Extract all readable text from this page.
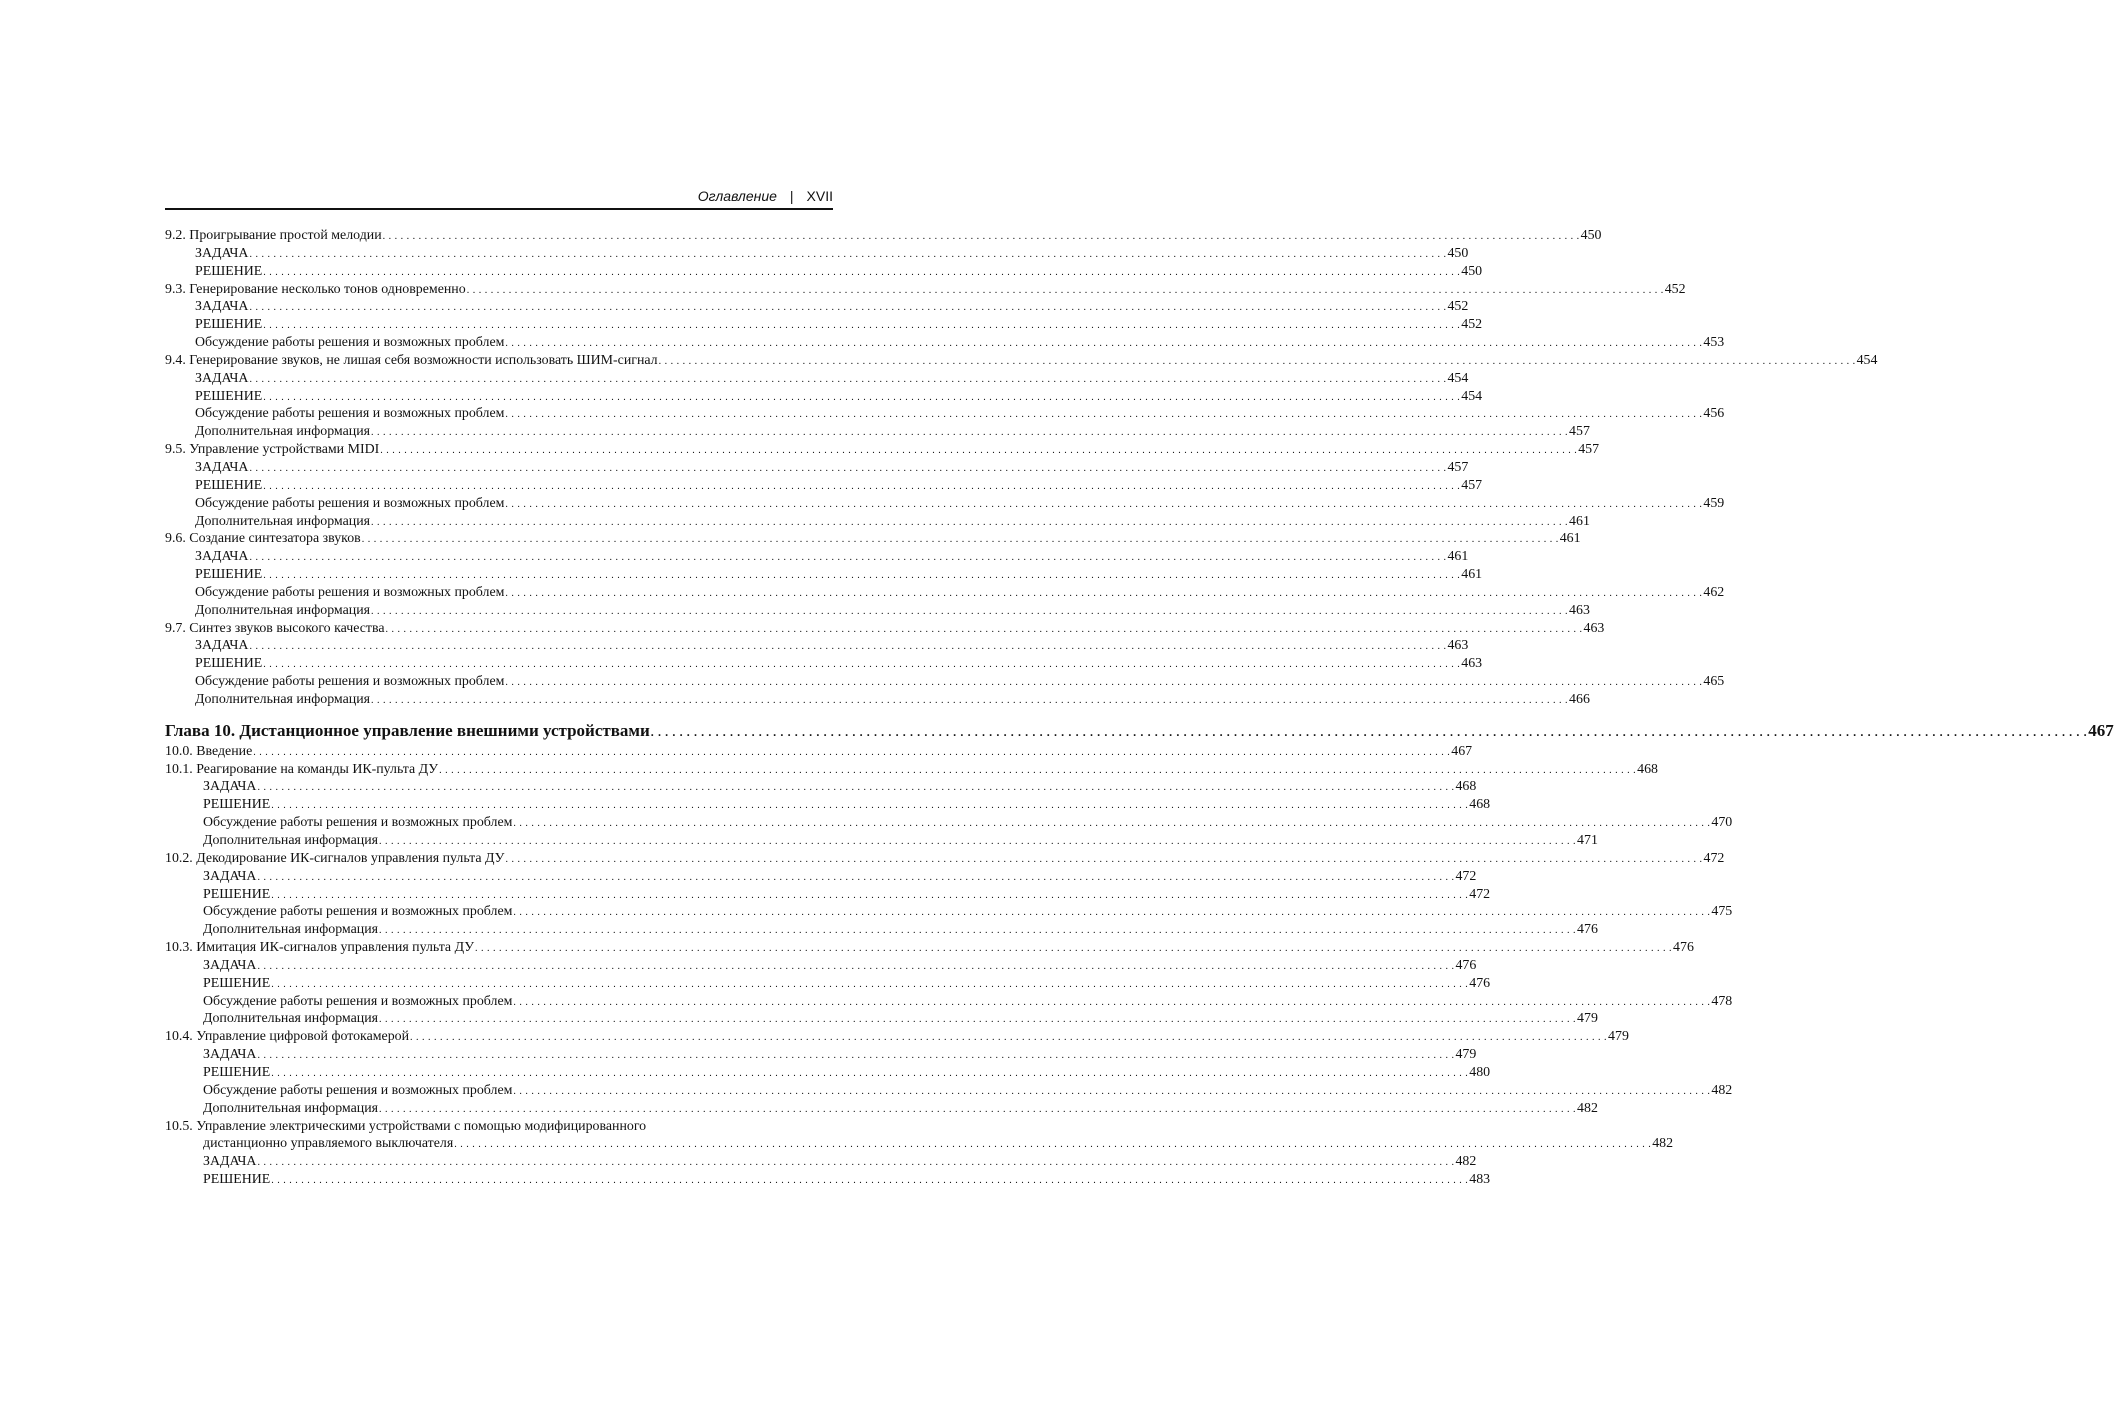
Оглавление | XVII
9.2. Проигрывание простой мелодии . . . . . . . . . . . . . . . . . . . . . . . . . . . . . . . . . . . . . . . . . . . . . . . . . . . . . . . . . . . . . . . . . . . . . . . . . . . . . . . . . . . . . . . . . . . . . . . . . . . . . . . . . . . . . . . . . . . . . . . . . . . . . . . . . . . . . . . . . . . . . . . . . . . . . . . . . . . . . . . . . . . . . . . . . . . . . . . . . . . . . . . . . . . . . . . . . . . . . . . . 450
ЗАДАЧА . . . . . . . . . . . . . . . . . . . . . . . . . . . . . . . . . . . . . . . . . . . . . . . . . . . . . . . . . . . . . . . . . . . . . . . . . . . . . . . . . . . . . . . . . . . . . . . . . . . . . . . . . . . . . . . . . . . . . . . . . . . . . . . . . . . . . . . . . . . . . . . . . . . . . . . . . . . . . . . . . . . . . . . . . . . . . . . . . . . . . . . . . . . . . . . . . . . . . . . . 450
РЕШЕНИЕ . . . . . . . . . . . . . . . . . . . . . . . . . . . . . . . . . . . . . . . . . . . . . . . . . . . . . . . . . . . . . . . . . . . . . . . . . . . . . . . . . . . . . . . . . . . . . . . . . . . . . . . . . . . . . . . . . . . . . . . . . . . . . . . . . . . . . . . . . . . . . . . . . . . . . . . . . . . . . . . . . . . . . . . . . . . . . . . . . . . . . . . . . . . . . . . . . . . . . . . . 450
9.3. Генерирование несколько тонов одновременно . . . . . . . . . . . . . . . . . . . . . . . . . . . . . . . . . . . . . . . . . . . . . . . . . . . . . . . . . . . . . . . . . . . . . . . . . . . . . . . . . . . . . . . . . . . . . . . . . . . . . . . . . . . . . . . . . . . . . . . . . . . . . . . . . . . . . . . . . . . . . . . . . . . . . . . . . . . . . . . . . . . . . . . . . . . . . . . . . . . . . . . . . . . . . . . . . . . . . . . . 452
ЗАДАЧА . . . . . . . . . . . . . . . . . . . . . . . . . . . . . . . . . . . . . . . . . . . . . . . . . . . . . . . . . . . . . . . . . . . . . . . . . . . . . . . . . . . . . . . . . . . . . . . . . . . . . . . . . . . . . . . . . . . . . . . . . . . . . . . . . . . . . . . . . . . . . . . . . . . . . . . . . . . . . . . . . . . . . . . . . . . . . . . . . . . . . . . . . . . . . . . . . . . . . . . . 452
РЕШЕНИЕ . . . . . . . . . . . . . . . . . . . . . . . . . . . . . . . . . . . . . . . . . . . . . . . . . . . . . . . . . . . . . . . . . . . . . . . . . . . . . . . . . . . . . . . . . . . . . . . . . . . . . . . . . . . . . . . . . . . . . . . . . . . . . . . . . . . . . . . . . . . . . . . . . . . . . . . . . . . . . . . . . . . . . . . . . . . . . . . . . . . . . . . . . . . . . . . . . . . . . . . . 452
Обсуждение работы решения и возможных проблем . . . . . . . . . . . . . . . . . . . . . . . . . . . . . . . . . . . . . . . . . . . . . . . . . . . . . . . . . . . . . . . . . . . . . . . . . . . . . . . . . . . . . . . . . . . . . . . . . . . . . . . . . . . . . . . . . . . . . . . . . . . . . . . . . . . . . . . . . . . . . . . . . . . . . . . . . . . . . . . . . . . . . . . . . . . . . . . . . . . . . . . . . . . . . . . . . . . . . . . . 453
9.4. Генерирование звуков, не лишая себя возможности использовать ШИМ-сигнал . . . . . . . . . . . . . . . . . . . . . . . . . . . . . . . . . . . . . . . . . . . . . . . . . . . . . . . . . . . . . . . . . . . . . . . . . . . . . . . . . . . . . . . . . . . . . . . . . . . . . . . . . . . . . . . . . . . . . . . . . . . . . . . . . . . . . . . . . . . . . . . . . . . . . . . . . . . . . . . . . . . . . . . . . . . . . . . . . . . . . . . . . . . . . . . . . . . . . . . . 454
ЗАДАЧА . . . . . . . . . . . . . . . . . . . . . . . . . . . . . . . . . . . . . . . . . . . . . . . . . . . . . . . . . . . . . . . . . . . . . . . . . . . . . . . . . . . . . . . . . . . . . . . . . . . . . . . . . . . . . . . . . . . . . . . . . . . . . . . . . . . . . . . . . . . . . . . . . . . . . . . . . . . . . . . . . . . . . . . . . . . . . . . . . . . . . . . . . . . . . . . . . . . . . . . . 454
РЕШЕНИЕ . . . . . . . . . . . . . . . . . . . . . . . . . . . . . . . . . . . . . . . . . . . . . . . . . . . . . . . . . . . . . . . . . . . . . . . . . . . . . . . . . . . . . . . . . . . . . . . . . . . . . . . . . . . . . . . . . . . . . . . . . . . . . . . . . . . . . . . . . . . . . . . . . . . . . . . . . . . . . . . . . . . . . . . . . . . . . . . . . . . . . . . . . . . . . . . . . . . . . . . . 454
Обсуждение работы решения и возможных проблем . . . . . . . . . . . . . . . . . . . . . . . . . . . . . . . . . . . . . . . . . . . . . . . . . . . . . . . . . . . . . . . . . . . . . . . . . . . . . . . . . . . . . . . . . . . . . . . . . . . . . . . . . . . . . . . . . . . . . . . . . . . . . . . . . . . . . . . . . . . . . . . . . . . . . . . . . . . . . . . . . . . . . . . . . . . . . . . . . . . . . . . . . . . . . . . . . . . . . . . . 456
Дополнительная информация . . . . . . . . . . . . . . . . . . . . . . . . . . . . . . . . . . . . . . . . . . . . . . . . . . . . . . . . . . . . . . . . . . . . . . . . . . . . . . . . . . . . . . . . . . . . . . . . . . . . . . . . . . . . . . . . . . . . . . . . . . . . . . . . . . . . . . . . . . . . . . . . . . . . . . . . . . . . . . . . . . . . . . . . . . . . . . . . . . . . . . . . . . . . . . . . . . . . . . . . 457
9.5. Управление устройствами MIDI . . . . . . . . . . . . . . . . . . . . . . . . . . . . . . . . . . . . . . . . . . . . . . . . . . . . . . . . . . . . . . . . . . . . . . . . . . . . . . . . . . . . . . . . . . . . . . . . . . . . . . . . . . . . . . . . . . . . . . . . . . . . . . . . . . . . . . . . . . . . . . . . . . . . . . . . . . . . . . . . . . . . . . . . . . . . . . . . . . . . . . . . . . . . . . . . . . . . . . . . 457
ЗАДАЧА . . . . . . . . . . . . . . . . . . . . . . . . . . . . . . . . . . . . . . . . . . . . . . . . . . . . . . . . . . . . . . . . . . . . . . . . . . . . . . . . . . . . . . . . . . . . . . . . . . . . . . . . . . . . . . . . . . . . . . . . . . . . . . . . . . . . . . . . . . . . . . . . . . . . . . . . . . . . . . . . . . . . . . . . . . . . . . . . . . . . . . . . . . . . . . . . . . . . . . . . 457
РЕШЕНИЕ . . . . . . . . . . . . . . . . . . . . . . . . . . . . . . . . . . . . . . . . . . . . . . . . . . . . . . . . . . . . . . . . . . . . . . . . . . . . . . . . . . . . . . . . . . . . . . . . . . . . . . . . . . . . . . . . . . . . . . . . . . . . . . . . . . . . . . . . . . . . . . . . . . . . . . . . . . . . . . . . . . . . . . . . . . . . . . . . . . . . . . . . . . . . . . . . . . . . . . . . 457
Обсуждение работы решения и возможных проблем . . . . . . . . . . . . . . . . . . . . . . . . . . . . . . . . . . . . . . . . . . . . . . . . . . . . . . . . . . . . . . . . . . . . . . . . . . . . . . . . . . . . . . . . . . . . . . . . . . . . . . . . . . . . . . . . . . . . . . . . . . . . . . . . . . . . . . . . . . . . . . . . . . . . . . . . . . . . . . . . . . . . . . . . . . . . . . . . . . . . . . . . . . . . . . . . . . . . . . . . 459
Дополнительная информация . . . . . . . . . . . . . . . . . . . . . . . . . . . . . . . . . . . . . . . . . . . . . . . . . . . . . . . . . . . . . . . . . . . . . . . . . . . . . . . . . . . . . . . . . . . . . . . . . . . . . . . . . . . . . . . . . . . . . . . . . . . . . . . . . . . . . . . . . . . . . . . . . . . . . . . . . . . . . . . . . . . . . . . . . . . . . . . . . . . . . . . . . . . . . . . . . . . . . . . . 461
9.6. Создание синтезатора звуков . . . . . . . . . . . . . . . . . . . . . . . . . . . . . . . . . . . . . . . . . . . . . . . . . . . . . . . . . . . . . . . . . . . . . . . . . . . . . . . . . . . . . . . . . . . . . . . . . . . . . . . . . . . . . . . . . . . . . . . . . . . . . . . . . . . . . . . . . . . . . . . . . . . . . . . . . . . . . . . . . . . . . . . . . . . . . . . . . . . . . . . . . . . . . . . . . . . . . . . . 461
ЗАДАЧА . . . . . . . . . . . . . . . . . . . . . . . . . . . . . . . . . . . . . . . . . . . . . . . . . . . . . . . . . . . . . . . . . . . . . . . . . . . . . . . . . . . . . . . . . . . . . . . . . . . . . . . . . . . . . . . . . . . . . . . . . . . . . . . . . . . . . . . . . . . . . . . . . . . . . . . . . . . . . . . . . . . . . . . . . . . . . . . . . . . . . . . . . . . . . . . . . . . . . . . . 461
РЕШЕНИЕ . . . . . . . . . . . . . . . . . . . . . . . . . . . . . . . . . . . . . . . . . . . . . . . . . . . . . . . . . . . . . . . . . . . . . . . . . . . . . . . . . . . . . . . . . . . . . . . . . . . . . . . . . . . . . . . . . . . . . . . . . . . . . . . . . . . . . . . . . . . . . . . . . . . . . . . . . . . . . . . . . . . . . . . . . . . . . . . . . . . . . . . . . . . . . . . . . . . . . . . . 461
Обсуждение работы решения и возможных проблем . . . . . . . . . . . . . . . . . . . . . . . . . . . . . . . . . . . . . . . . . . . . . . . . . . . . . . . . . . . . . . . . . . . . . . . . . . . . . . . . . . . . . . . . . . . . . . . . . . . . . . . . . . . . . . . . . . . . . . . . . . . . . . . . . . . . . . . . . . . . . . . . . . . . . . . . . . . . . . . . . . . . . . . . . . . . . . . . . . . . . . . . . . . . . . . . . . . . . . . . 462
Дополнительная информация . . . . . . . . . . . . . . . . . . . . . . . . . . . . . . . . . . . . . . . . . . . . . . . . . . . . . . . . . . . . . . . . . . . . . . . . . . . . . . . . . . . . . . . . . . . . . . . . . . . . . . . . . . . . . . . . . . . . . . . . . . . . . . . . . . . . . . . . . . . . . . . . . . . . . . . . . . . . . . . . . . . . . . . . . . . . . . . . . . . . . . . . . . . . . . . . . . . . . . . . 463
9.7. Синтез звуков высокого качества . . . . . . . . . . . . . . . . . . . . . . . . . . . . . . . . . . . . . . . . . . . . . . . . . . . . . . . . . . . . . . . . . . . . . . . . . . . . . . . . . . . . . . . . . . . . . . . . . . . . . . . . . . . . . . . . . . . . . . . . . . . . . . . . . . . . . . . . . . . . . . . . . . . . . . . . . . . . . . . . . . . . . . . . . . . . . . . . . . . . . . . . . . . . . . . . . . . . . . . . 463
ЗАДАЧА . . . . . . . . . . . . . . . . . . . . . . . . . . . . . . . . . . . . . . . . . . . . . . . . . . . . . . . . . . . . . . . . . . . . . . . . . . . . . . . . . . . . . . . . . . . . . . . . . . . . . . . . . . . . . . . . . . . . . . . . . . . . . . . . . . . . . . . . . . . . . . . . . . . . . . . . . . . . . . . . . . . . . . . . . . . . . . . . . . . . . . . . . . . . . . . . . . . . . . . . 463
РЕШЕНИЕ . . . . . . . . . . . . . . . . . . . . . . . . . . . . . . . . . . . . . . . . . . . . . . . . . . . . . . . . . . . . . . . . . . . . . . . . . . . . . . . . . . . . . . . . . . . . . . . . . . . . . . . . . . . . . . . . . . . . . . . . . . . . . . . . . . . . . . . . . . . . . . . . . . . . . . . . . . . . . . . . . . . . . . . . . . . . . . . . . . . . . . . . . . . . . . . . . . . . . . . . 463
Обсуждение работы решения и возможных проблем . . . . . . . . . . . . . . . . . . . . . . . . . . . . . . . . . . . . . . . . . . . . . . . . . . . . . . . . . . . . . . . . . . . . . . . . . . . . . . . . . . . . . . . . . . . . . . . . . . . . . . . . . . . . . . . . . . . . . . . . . . . . . . . . . . . . . . . . . . . . . . . . . . . . . . . . . . . . . . . . . . . . . . . . . . . . . . . . . . . . . . . . . . . . . . . . . . . . . . . . 465
Дополнительная информация . . . . . . . . . . . . . . . . . . . . . . . . . . . . . . . . . . . . . . . . . . . . . . . . . . . . . . . . . . . . . . . . . . . . . . . . . . . . . . . . . . . . . . . . . . . . . . . . . . . . . . . . . . . . . . . . . . . . . . . . . . . . . . . . . . . . . . . . . . . . . . . . . . . . . . . . . . . . . . . . . . . . . . . . . . . . . . . . . . . . . . . . . . . . . . . . . . . . . . . . 466
Глава 10. Дистанционное управление внешними устройствами . . . . . . . . . . . . . . . . . . . . . . . . . . . . . . . . . . . . . . . . . . . . . . . . . . . . . . . . . . . . . . . . . . . . . . . . . . . . . . . . . . . . . . . . . . . . . . . . . . . . . . . . . . . . . . . . . . . . . . . . . . . . . . . . . . . . . . . . . . . . . . . . . . . . . . . . . . . . . . . . . . . . . . . . . . . . . . . . . . . . . . . . . . . . . . . . . . . . . . . . 467
10.0. Введение . . . . . . . . . . . . . . . . . . . . . . . . . . . . . . . . . . . . . . . . . . . . . . . . . . . . . . . . . . . . . . . . . . . . . . . . . . . . . . . . . . . . . . . . . . . . . . . . . . . . . . . . . . . . . . . . . . . . . . . . . . . . . . . . . . . . . . . . . . . . . . . . . . . . . . . . . . . . . . . . . . . . . . . . . . . . . . . . . . . . . . . . . . . . . . . . . . . . . . . . 467
10.1. Реагирование на команды ИК-пульта ДУ . . . . . . . . . . . . . . . . . . . . . . . . . . . . . . . . . . . . . . . . . . . . . . . . . . . . . . . . . . . . . . . . . . . . . . . . . . . . . . . . . . . . . . . . . . . . . . . . . . . . . . . . . . . . . . . . . . . . . . . . . . . . . . . . . . . . . . . . . . . . . . . . . . . . . . . . . . . . . . . . . . . . . . . . . . . . . . . . . . . . . . . . . . . . . . . . . . . . . . . . 468
ЗАДАЧА . . . . . . . . . . . . . . . . . . . . . . . . . . . . . . . . . . . . . . . . . . . . . . . . . . . . . . . . . . . . . . . . . . . . . . . . . . . . . . . . . . . . . . . . . . . . . . . . . . . . . . . . . . . . . . . . . . . . . . . . . . . . . . . . . . . . . . . . . . . . . . . . . . . . . . . . . . . . . . . . . . . . . . . . . . . . . . . . . . . . . . . . . . . . . . . . . . . . . . . . 468
РЕШЕНИЕ . . . . . . . . . . . . . . . . . . . . . . . . . . . . . . . . . . . . . . . . . . . . . . . . . . . . . . . . . . . . . . . . . . . . . . . . . . . . . . . . . . . . . . . . . . . . . . . . . . . . . . . . . . . . . . . . . . . . . . . . . . . . . . . . . . . . . . . . . . . . . . . . . . . . . . . . . . . . . . . . . . . . . . . . . . . . . . . . . . . . . . . . . . . . . . . . . . . . . . . . 468
Обсуждение работы решения и возможных проблем . . . . . . . . . . . . . . . . . . . . . . . . . . . . . . . . . . . . . . . . . . . . . . . . . . . . . . . . . . . . . . . . . . . . . . . . . . . . . . . . . . . . . . . . . . . . . . . . . . . . . . . . . . . . . . . . . . . . . . . . . . . . . . . . . . . . . . . . . . . . . . . . . . . . . . . . . . . . . . . . . . . . . . . . . . . . . . . . . . . . . . . . . . . . . . . . . . . . . . . . 470
Дополнительная информация . . . . . . . . . . . . . . . . . . . . . . . . . . . . . . . . . . . . . . . . . . . . . . . . . . . . . . . . . . . . . . . . . . . . . . . . . . . . . . . . . . . . . . . . . . . . . . . . . . . . . . . . . . . . . . . . . . . . . . . . . . . . . . . . . . . . . . . . . . . . . . . . . . . . . . . . . . . . . . . . . . . . . . . . . . . . . . . . . . . . . . . . . . . . . . . . . . . . . . . . 471
10.2. Декодирование ИК-сигналов управления пульта ДУ . . . . . . . . . . . . . . . . . . . . . . . . . . . . . . . . . . . . . . . . . . . . . . . . . . . . . . . . . . . . . . . . . . . . . . . . . . . . . . . . . . . . . . . . . . . . . . . . . . . . . . . . . . . . . . . . . . . . . . . . . . . . . . . . . . . . . . . . . . . . . . . . . . . . . . . . . . . . . . . . . . . . . . . . . . . . . . . . . . . . . . . . . . . . . . . . . . . . . . . . 472
ЗАДАЧА . . . . . . . . . . . . . . . . . . . . . . . . . . . . . . . . . . . . . . . . . . . . . . . . . . . . . . . . . . . . . . . . . . . . . . . . . . . . . . . . . . . . . . . . . . . . . . . . . . . . . . . . . . . . . . . . . . . . . . . . . . . . . . . . . . . . . . . . . . . . . . . . . . . . . . . . . . . . . . . . . . . . . . . . . . . . . . . . . . . . . . . . . . . . . . . . . . . . . . . . 472
РЕШЕНИЕ . . . . . . . . . . . . . . . . . . . . . . . . . . . . . . . . . . . . . . . . . . . . . . . . . . . . . . . . . . . . . . . . . . . . . . . . . . . . . . . . . . . . . . . . . . . . . . . . . . . . . . . . . . . . . . . . . . . . . . . . . . . . . . . . . . . . . . . . . . . . . . . . . . . . . . . . . . . . . . . . . . . . . . . . . . . . . . . . . . . . . . . . . . . . . . . . . . . . . . . . 472
Обсуждение работы решения и возможных проблем . . . . . . . . . . . . . . . . . . . . . . . . . . . . . . . . . . . . . . . . . . . . . . . . . . . . . . . . . . . . . . . . . . . . . . . . . . . . . . . . . . . . . . . . . . . . . . . . . . . . . . . . . . . . . . . . . . . . . . . . . . . . . . . . . . . . . . . . . . . . . . . . . . . . . . . . . . . . . . . . . . . . . . . . . . . . . . . . . . . . . . . . . . . . . . . . . . . . . . . . 475
Дополнительная информация . . . . . . . . . . . . . . . . . . . . . . . . . . . . . . . . . . . . . . . . . . . . . . . . . . . . . . . . . . . . . . . . . . . . . . . . . . . . . . . . . . . . . . . . . . . . . . . . . . . . . . . . . . . . . . . . . . . . . . . . . . . . . . . . . . . . . . . . . . . . . . . . . . . . . . . . . . . . . . . . . . . . . . . . . . . . . . . . . . . . . . . . . . . . . . . . . . . . . . . . 476
10.3. Имитация ИК-сигналов управления пульта ДУ . . . . . . . . . . . . . . . . . . . . . . . . . . . . . . . . . . . . . . . . . . . . . . . . . . . . . . . . . . . . . . . . . . . . . . . . . . . . . . . . . . . . . . . . . . . . . . . . . . . . . . . . . . . . . . . . . . . . . . . . . . . . . . . . . . . . . . . . . . . . . . . . . . . . . . . . . . . . . . . . . . . . . . . . . . . . . . . . . . . . . . . . . . . . . . . . . . . . . . . . 476
ЗАДАЧА . . . . . . . . . . . . . . . . . . . . . . . . . . . . . . . . . . . . . . . . . . . . . . . . . . . . . . . . . . . . . . . . . . . . . . . . . . . . . . . . . . . . . . . . . . . . . . . . . . . . . . . . . . . . . . . . . . . . . . . . . . . . . . . . . . . . . . . . . . . . . . . . . . . . . . . . . . . . . . . . . . . . . . . . . . . . . . . . . . . . . . . . . . . . . . . . . . . . . . . . 476
РЕШЕНИЕ . . . . . . . . . . . . . . . . . . . . . . . . . . . . . . . . . . . . . . . . . . . . . . . . . . . . . . . . . . . . . . . . . . . . . . . . . . . . . . . . . . . . . . . . . . . . . . . . . . . . . . . . . . . . . . . . . . . . . . . . . . . . . . . . . . . . . . . . . . . . . . . . . . . . . . . . . . . . . . . . . . . . . . . . . . . . . . . . . . . . . . . . . . . . . . . . . . . . . . . . 476
Обсуждение работы решения и возможных проблем . . . . . . . . . . . . . . . . . . . . . . . . . . . . . . . . . . . . . . . . . . . . . . . . . . . . . . . . . . . . . . . . . . . . . . . . . . . . . . . . . . . . . . . . . . . . . . . . . . . . . . . . . . . . . . . . . . . . . . . . . . . . . . . . . . . . . . . . . . . . . . . . . . . . . . . . . . . . . . . . . . . . . . . . . . . . . . . . . . . . . . . . . . . . . . . . . . . . . . . . 478
Дополнительная информация . . . . . . . . . . . . . . . . . . . . . . . . . . . . . . . . . . . . . . . . . . . . . . . . . . . . . . . . . . . . . . . . . . . . . . . . . . . . . . . . . . . . . . . . . . . . . . . . . . . . . . . . . . . . . . . . . . . . . . . . . . . . . . . . . . . . . . . . . . . . . . . . . . . . . . . . . . . . . . . . . . . . . . . . . . . . . . . . . . . . . . . . . . . . . . . . . . . . . . . . 479
10.4. Управление цифровой фотокамерой . . . . . . . . . . . . . . . . . . . . . . . . . . . . . . . . . . . . . . . . . . . . . . . . . . . . . . . . . . . . . . . . . . . . . . . . . . . . . . . . . . . . . . . . . . . . . . . . . . . . . . . . . . . . . . . . . . . . . . . . . . . . . . . . . . . . . . . . . . . . . . . . . . . . . . . . . . . . . . . . . . . . . . . . . . . . . . . . . . . . . . . . . . . . . . . . . . . . . . . . 479
ЗАДАЧА . . . . . . . . . . . . . . . . . . . . . . . . . . . . . . . . . . . . . . . . . . . . . . . . . . . . . . . . . . . . . . . . . . . . . . . . . . . . . . . . . . . . . . . . . . . . . . . . . . . . . . . . . . . . . . . . . . . . . . . . . . . . . . . . . . . . . . . . . . . . . . . . . . . . . . . . . . . . . . . . . . . . . . . . . . . . . . . . . . . . . . . . . . . . . . . . . . . . . . . . 479
РЕШЕНИЕ . . . . . . . . . . . . . . . . . . . . . . . . . . . . . . . . . . . . . . . . . . . . . . . . . . . . . . . . . . . . . . . . . . . . . . . . . . . . . . . . . . . . . . . . . . . . . . . . . . . . . . . . . . . . . . . . . . . . . . . . . . . . . . . . . . . . . . . . . . . . . . . . . . . . . . . . . . . . . . . . . . . . . . . . . . . . . . . . . . . . . . . . . . . . . . . . . . . . . . . . 480
Обсуждение работы решения и возможных проблем . . . . . . . . . . . . . . . . . . . . . . . . . . . . . . . . . . . . . . . . . . . . . . . . . . . . . . . . . . . . . . . . . . . . . . . . . . . . . . . . . . . . . . . . . . . . . . . . . . . . . . . . . . . . . . . . . . . . . . . . . . . . . . . . . . . . . . . . . . . . . . . . . . . . . . . . . . . . . . . . . . . . . . . . . . . . . . . . . . . . . . . . . . . . . . . . . . . . . . . . 482
Дополнительная информация . . . . . . . . . . . . . . . . . . . . . . . . . . . . . . . . . . . . . . . . . . . . . . . . . . . . . . . . . . . . . . . . . . . . . . . . . . . . . . . . . . . . . . . . . . . . . . . . . . . . . . . . . . . . . . . . . . . . . . . . . . . . . . . . . . . . . . . . . . . . . . . . . . . . . . . . . . . . . . . . . . . . . . . . . . . . . . . . . . . . . . . . . . . . . . . . . . . . . . . . 482
10.5. Управление электрическими устройствами с помощью модифицированного
дистанционно управляемого выключателя . . . . . . . . . . . . . . . . . . . . . . . . . . . . . . . . . . . . . . . . . . . . . . . . . . . . . . . . . . . . . . . . . . . . . . . . . . . . . . . . . . . . . . . . . . . . . . . . . . . . . . . . . . . . . . . . . . . . . . . . . . . . . . . . . . . . . . . . . . . . . . . . . . . . . . . . . . . . . . . . . . . . . . . . . . . . . . . . . . . . . . . . . . . . . . . . . . . . . . . . 482
ЗАДАЧА . . . . . . . . . . . . . . . . . . . . . . . . . . . . . . . . . . . . . . . . . . . . . . . . . . . . . . . . . . . . . . . . . . . . . . . . . . . . . . . . . . . . . . . . . . . . . . . . . . . . . . . . . . . . . . . . . . . . . . . . . . . . . . . . . . . . . . . . . . . . . . . . . . . . . . . . . . . . . . . . . . . . . . . . . . . . . . . . . . . . . . . . . . . . . . . . . . . . . . . . 482
РЕШЕНИЕ . . . . . . . . . . . . . . . . . . . . . . . . . . . . . . . . . . . . . . . . . . . . . . . . . . . . . . . . . . . . . . . . . . . . . . . . . . . . . . . . . . . . . . . . . . . . . . . . . . . . . . . . . . . . . . . . . . . . . . . . . . . . . . . . . . . . . . . . . . . . . . . . . . . . . . . . . . . . . . . . . . . . . . . . . . . . . . . . . . . . . . . . . . . . . . . . . . . . . . . . 483
